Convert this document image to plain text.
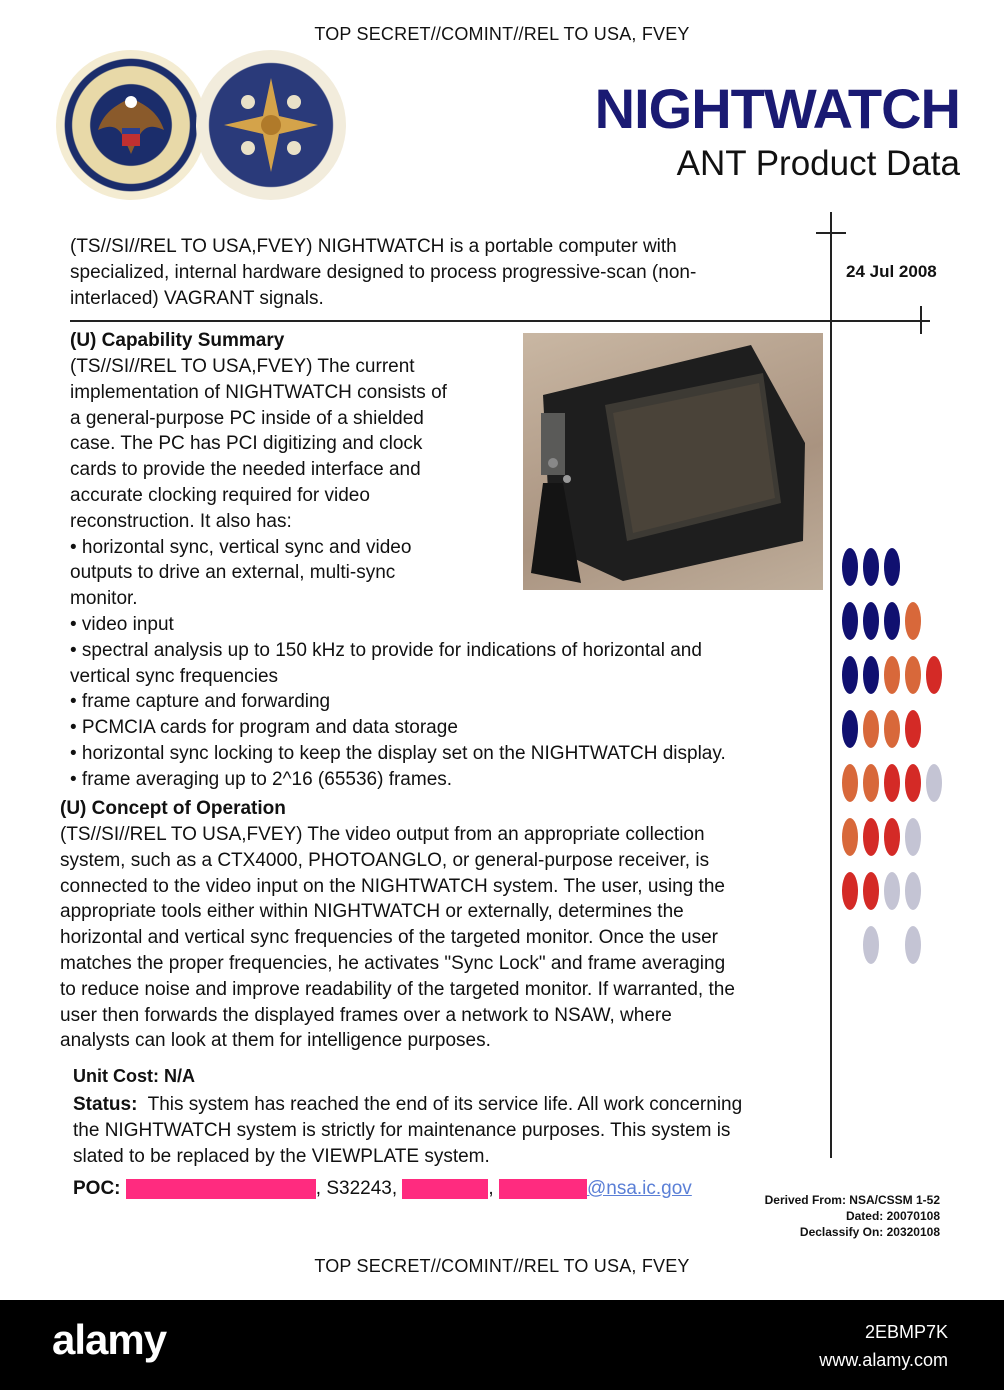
TOP SECRET//COMINT//REL TO USA, FVEY
NIGHTWATCH
ANT Product Data
(TS//SI//REL TO USA,FVEY) NIGHTWATCH is a portable computer with
specialized, internal hardware designed to process progressive-scan (non-
interlaced) VAGRANT signals.
24 Jul 2008
(U) Capability Summary
(TS//SI//REL TO USA,FVEY) The current
implementation of NIGHTWATCH consists of
a general-purpose PC inside of a shielded
case. The PC has PCI digitizing and clock
cards to provide the needed interface and
accurate clocking required for video
reconstruction. It also has:
• horizontal sync, vertical sync and video
outputs to drive an external, multi-sync
monitor.
• video input
• spectral analysis up to 150 kHz to provide for indications of horizontal and
vertical sync frequencies
• frame capture and forwarding
• PCMCIA cards for program and data storage
• horizontal sync locking to keep the display set on the NIGHTWATCH display.
• frame averaging up to 2^16 (65536) frames.
(U) Concept of Operation
(TS//SI//REL TO USA,FVEY) The video output from an appropriate collection
system, such as a CTX4000, PHOTOANGLO, or general-purpose receiver, is
connected to the video input on the NIGHTWATCH system. The user, using the
appropriate tools either within NIGHTWATCH or externally, determines the
horizontal and vertical sync frequencies of the targeted monitor. Once the user
matches the proper frequencies, he activates "Sync Lock" and frame averaging
to reduce noise and improve readability of the targeted monitor. If warranted, the
user then forwards the displayed frames over a network to NSAW, where
analysts can look at them for intelligence purposes.
Unit Cost: N/A
Status: This system has reached the end of its service life. All work concerning
the NIGHTWATCH system is strictly for maintenance purposes. This system is
slated to be replaced by the VIEWPLATE system.
POC:	, S32243,	,	@nsa.ic.gov
Derived From: NSA/CSSM 1-52
Dated: 20070108
Declassify On: 20320108
TOP SECRET//COMINT//REL TO USA, FVEY
alamy	2EBMP7K
www.alamy.com
